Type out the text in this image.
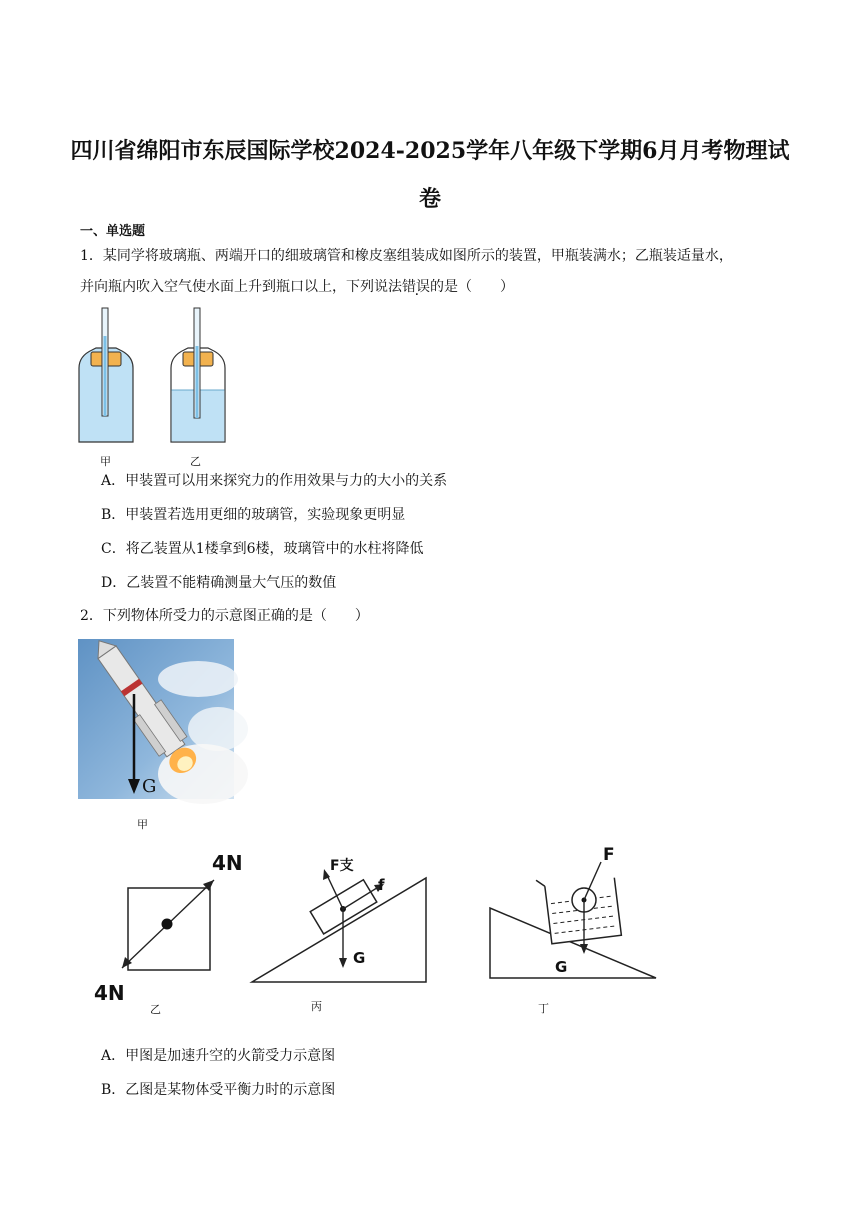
四川省绵阳市东辰国际学校2024-2025学年八年级下学期6月月考物理试
卷
一、单选题
1．某同学将玻璃瓶、两端开口的细玻璃管和橡皮塞组装成如图所示的装置，甲瓶装满水；乙瓶装适量水，
并向瓶内吹入空气使水面上升到瓶口以上，下列说法错误的是（　　）
甲	乙
A．甲装置可以用来探究力的作用效果与力的大小的关系
B．甲装置若选用更细的玻璃管，实验现象更明显
C．将乙装置从1楼拿到6楼，玻璃管中的水柱将降低
D．乙装置不能精确测量大气压的数值
2．下列物体所受力的示意图正确的是（　　）
G
甲
4N
4N
乙
F支
f
G
丙
F
G
丁
A．甲图是加速升空的火箭受力示意图
B．乙图是某物体受平衡力时的示意图
